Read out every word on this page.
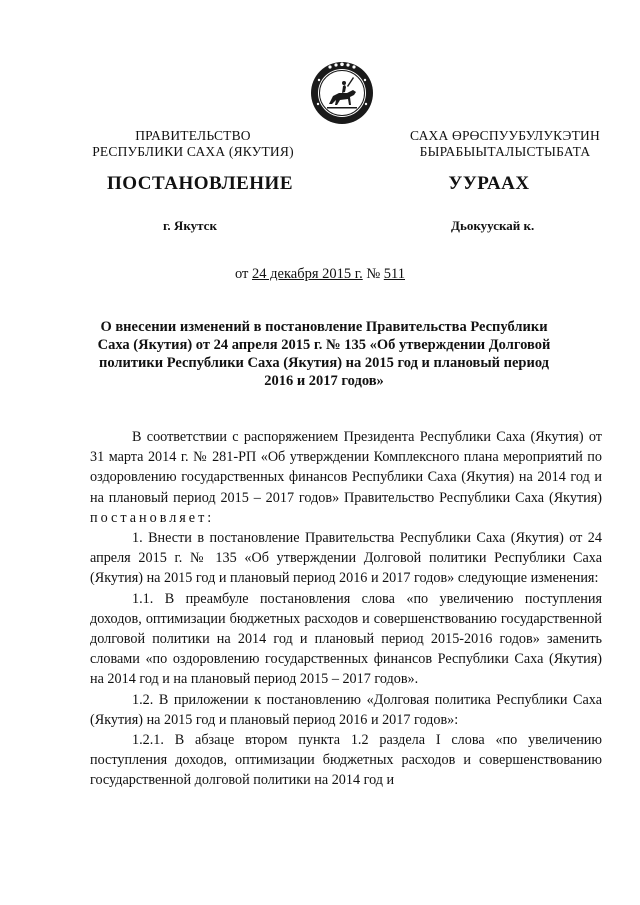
ПРАВИТЕЛЬСТВО
РЕСПУБЛИКИ САХА (ЯКУТИЯ)
САХА ӨРӨСПУУБУЛУКЭТИН
БЫРАБЫЫТАЛЫСТЫБАТА
ПОСТАНОВЛЕНИЕ	УУРААХ
г. Якутск	Дьокуускай к.
от 24 декабря 2015 г. № 511
О внесении изменений в постановление Правительства Республики Саха (Якутия) от 24 апреля 2015 г. № 135 «Об утверждении Долговой политики Республики Саха (Якутия) на 2015 год и плановый период 2016 и 2017 годов»

В соответствии с распоряжением Президента Республики Саха (Якутия) от 31 марта 2014 г. № 281-РП «Об утверждении Комплексного плана мероприятий по оздоровлению государственных финансов Республики Саха (Якутия) на 2014 год и на плановый период 2015 – 2017 годов» Правительство Республики Саха (Якутия) постановляет:

1. Внести в постановление Правительства Республики Саха (Якутия) от 24 апреля 2015 г. № 135 «Об утверждении Долговой политики Республики Саха (Якутия) на 2015 год и плановый период 2016 и 2017 годов» следующие изменения:

1.1. В преамбуле постановления слова «по увеличению поступления доходов, оптимизации бюджетных расходов и совершенствованию государственной долговой политики на 2014 год и плановый период 2015-2016 годов» заменить словами «по оздоровлению государственных финансов Республики Саха (Якутия) на 2014 год и на плановый период 2015 – 2017 годов».

1.2. В приложении к постановлению «Долговая политика Республики Саха (Якутия) на 2015 год и плановый период 2016 и 2017 годов»:

1.2.1. В абзаце втором пункта 1.2 раздела I слова «по увеличению поступления доходов, оптимизации бюджетных расходов и совершенствованию государственной долговой политики на 2014 год и
